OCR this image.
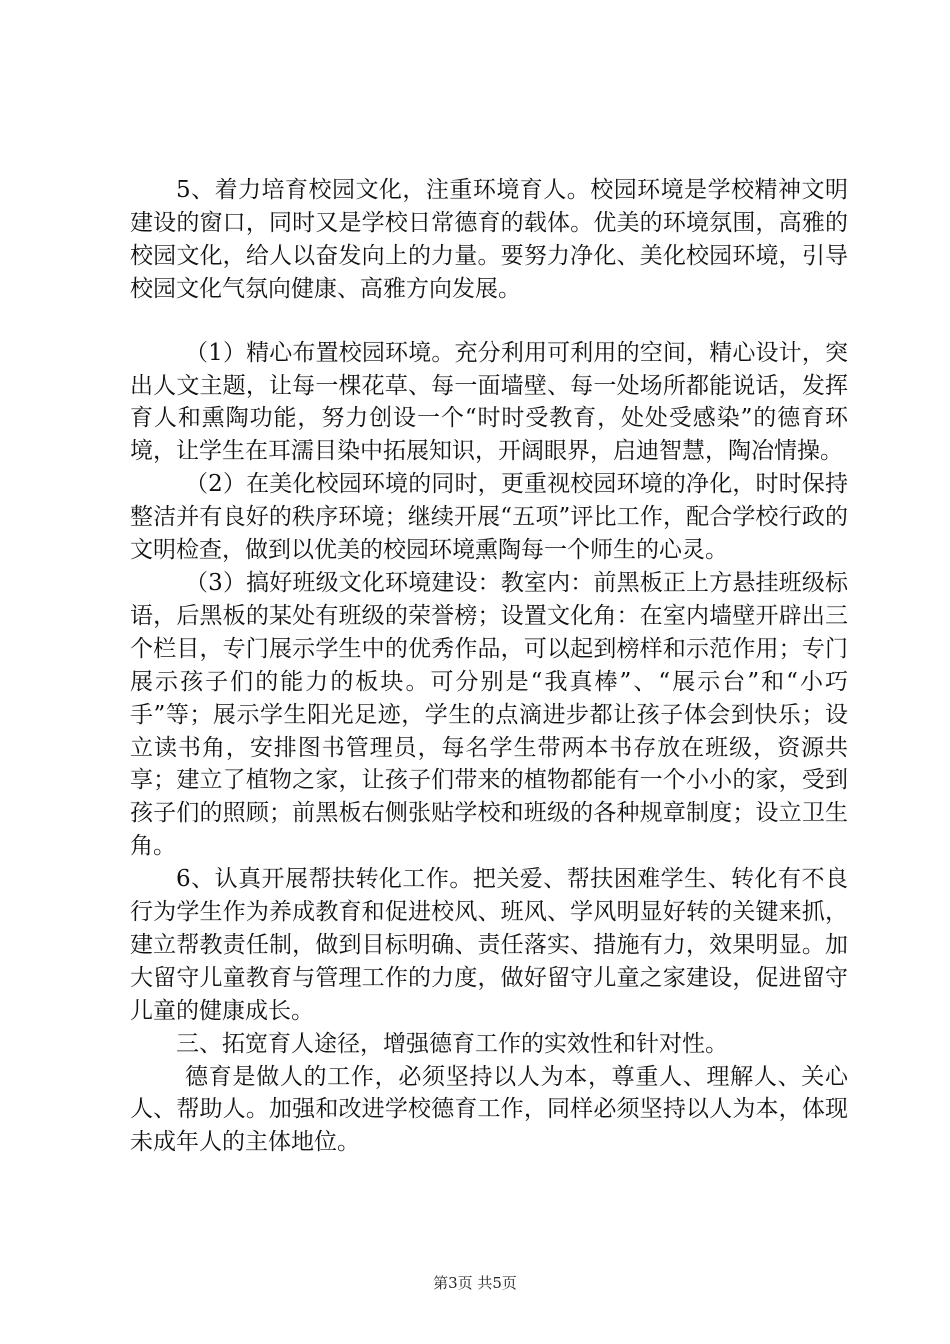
5、着力培育校园文化，注重环境育人。校园环境是学校精神文明建设的窗口，同时又是学校日常德育的载体。优美的环境氛围，高雅的校园文化，给人以奋发向上的力量。要努力净化、美化校园环境，引导校园文化气氛向健康、高雅方向发展。

（1）精心布置校园环境。充分利用可利用的空间，精心设计，突出人文主题，让每一棵花草、每一面墙壁、每一处场所都能说话，发挥育人和熏陶功能，努力创设一个“时时受教育，处处受感染”的德育环境，让学生在耳濡目染中拓展知识，开阔眼界，启迪智慧，陶冶情操。

（2）在美化校园环境的同时，更重视校园环境的净化，时时保持整洁并有良好的秩序环境；继续开展“五项”评比工作，配合学校行政的文明检查，做到以优美的校园环境熏陶每一个师生的心灵。

（3）搞好班级文化环境建设：教室内：前黑板正上方悬挂班级标语，后黑板的某处有班级的荣誉榜；设置文化角：在室内墙壁开辟出三个栏目，专门展示学生中的优秀作品，可以起到榜样和示范作用；专门展示孩子们的能力的板块。可分别是“我真棒”、“展示台”和“小巧手”等；展示学生阳光足迹，学生的点滴进步都让孩子体会到快乐；设立读书角，安排图书管理员，每名学生带两本书存放在班级，资源共享；建立了植物之家，让孩子们带来的植物都能有一个小小的家，受到孩子们的照顾；前黑板右侧张贴学校和班级的各种规章制度；设立卫生角。

6、认真开展帮扶转化工作。把关爱、帮扶困难学生、转化有不良行为学生作为养成教育和促进校风、班风、学风明显好转的关键来抓，建立帮教责任制，做到目标明确、责任落实、措施有力，效果明显。加大留守儿童教育与管理工作的力度，做好留守儿童之家建设，促进留守儿童的健康成长。

三、拓宽育人途径，增强德育工作的实效性和针对性。

德育是做人的工作，必须坚持以人为本，尊重人、理解人、关心人、帮助人。加强和改进学校德育工作，同样必须坚持以人为本，体现未成年人的主体地位。

第3页 共5页
